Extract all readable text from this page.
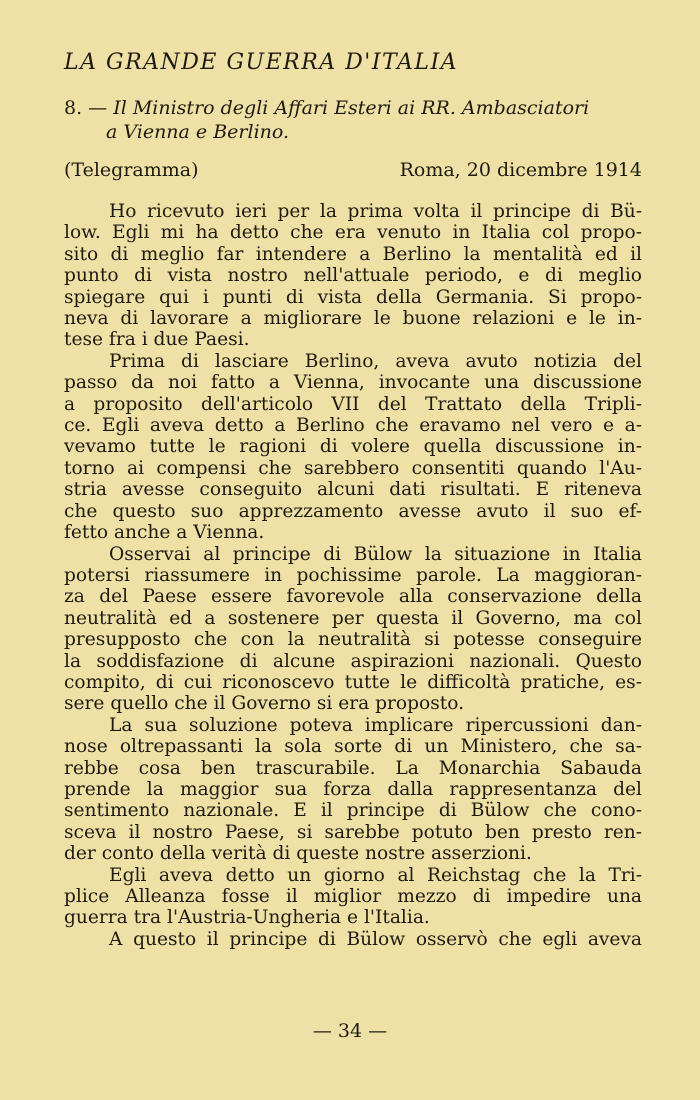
LA GRANDE GUERRA D'ITALIA
8. — Il Ministro degli Affari Esteri ai RR. Ambasciatori
a Vienna e Berlino.
(Telegramma)	Roma, 20 dicembre 1914
Ho ricevuto ieri per la prima volta il principe di Bü-
low. Egli mi ha detto che era venuto in Italia col propo-
sito di meglio far intendere a Berlino la mentalità ed il
punto di vista nostro nell'attuale periodo, e di meglio
spiegare qui i punti di vista della Germania. Si propo-
neva di lavorare a migliorare le buone relazioni e le in-
tese fra i due Paesi.
Prima di lasciare Berlino, aveva avuto notizia del
passo da noi fatto a Vienna, invocante una discussione
a proposito dell'articolo VII del Trattato della Tripli-
ce. Egli aveva detto a Berlino che eravamo nel vero e a-
vevamo tutte le ragioni di volere quella discussione in-
torno ai compensi che sarebbero consentiti quando l'Au-
stria avesse conseguito alcuni dati risultati. E riteneva
che questo suo apprezzamento avesse avuto il suo ef-
fetto anche a Vienna.
Osservai al principe di Bülow la situazione in Italia
potersi riassumere in pochissime parole. La maggioran-
za del Paese essere favorevole alla conservazione della
neutralità ed a sostenere per questa il Governo, ma col
presupposto che con la neutralità si potesse conseguire
la soddisfazione di alcune aspirazioni nazionali. Questo
compito, di cui riconoscevo tutte le difficoltà pratiche, es-
sere quello che il Governo si era proposto.
La sua soluzione poteva implicare ripercussioni dan-
nose oltrepassanti la sola sorte di un Ministero, che sa-
rebbe cosa ben trascurabile. La Monarchia Sabauda
prende la maggior sua forza dalla rappresentanza del
sentimento nazionale. E il principe di Bülow che cono-
sceva il nostro Paese, si sarebbe potuto ben presto ren-
der conto della verità di queste nostre asserzioni.
Egli aveva detto un giorno al Reichstag che la Tri-
plice Alleanza fosse il miglior mezzo di impedire una
guerra tra l'Austria-Ungheria e l'Italia.
A questo il principe di Bülow osservò che egli aveva
— 34 —
